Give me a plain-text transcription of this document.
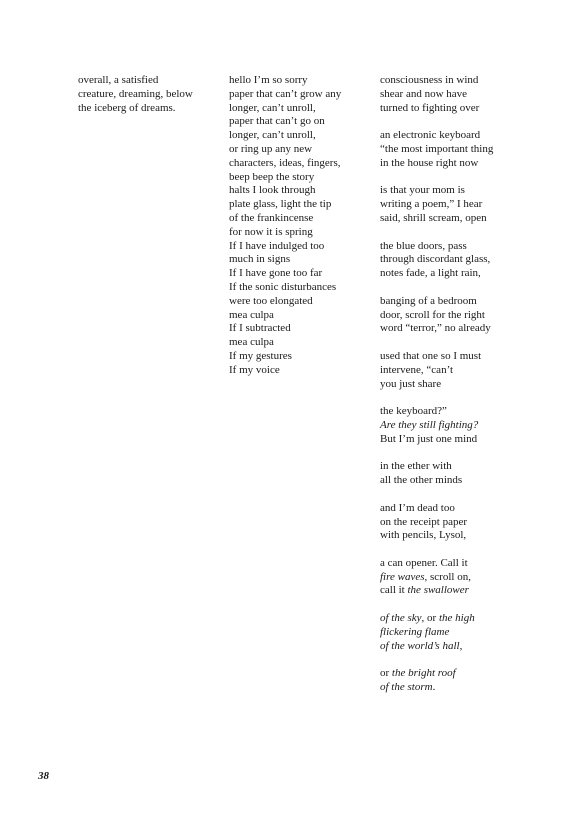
overall, a satisfied
creature, dreaming, below
the iceberg of dreams.
hello I’m so sorry
paper that can’t grow any
longer, can’t unroll,
paper that can’t go on
longer, can’t unroll,
or ring up any new
characters, ideas, fingers,
beep beep the story
halts I look through
plate glass, light the tip
of the frankincense
for now it is spring
If I have indulged too
much in signs
If I have gone too far
If the sonic disturbances
were too elongated
mea culpa
If I subtracted
mea culpa
If my gestures
If my voice
consciousness in wind
shear and now have
turned to fighting over
an electronic keyboard
“the most important thing
in the house right now
is that your mom is
writing a poem,” I hear
said, shrill scream, open
the blue doors, pass
through discordant glass,
notes fade, a light rain,
banging of a bedroom
door, scroll for the right
word “terror,” no already
used that one so I must
intervene, “can’t
you just share
the keyboard?”
Are they still fighting?
But I’m just one mind
in the ether with
all the other minds
and I’m dead too
on the receipt paper
with pencils, Lysol,
a can opener. Call it
fire waves, scroll on,
call it the swallower
of the sky, or the high
flickering flame
of the world’s hall,
or the bright roof
of the storm.
38
